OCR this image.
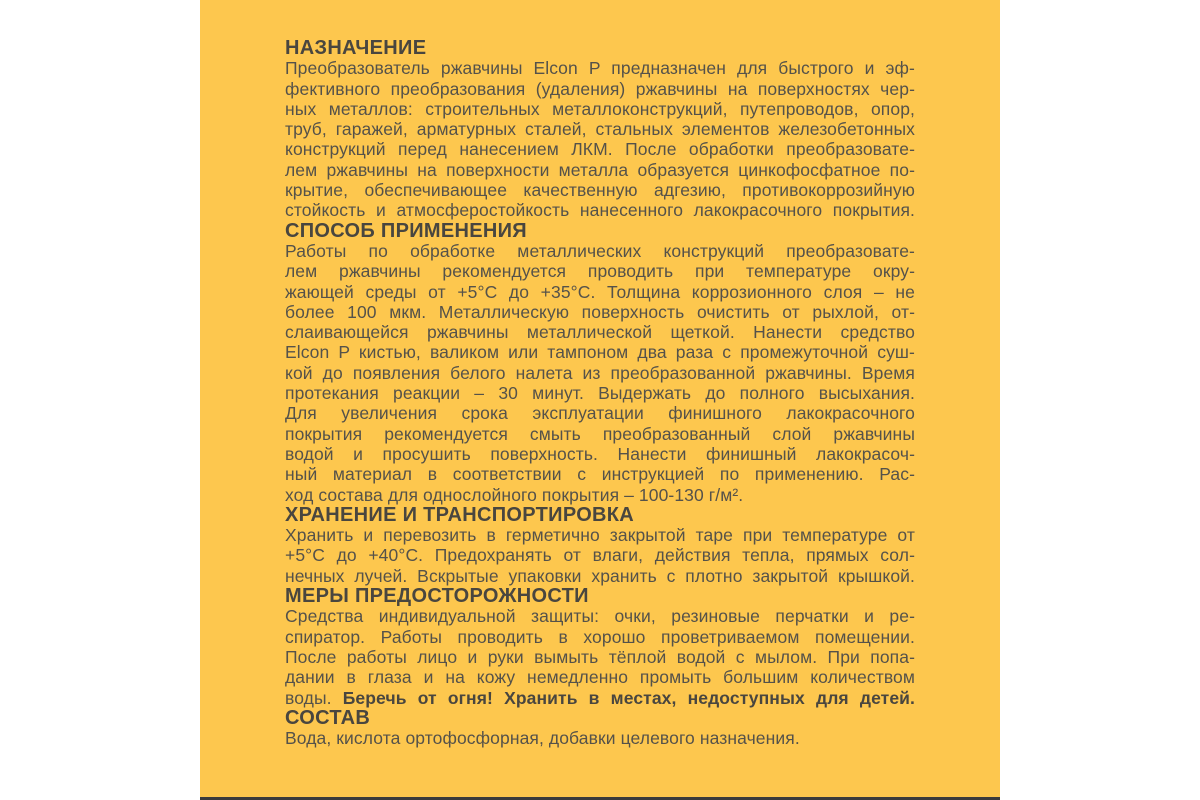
НАЗНАЧЕНИЕ
Преобразователь ржавчины Elcon P предназначен для быстрого и эф-
фективного преобразования (удаления) ржавчины на поверхностях чер-
ных металлов: строительных металлоконструкций, путепроводов, опор,
труб, гаражей, арматурных сталей, стальных элементов железобетонных
конструкций перед нанесением ЛКМ. После обработки преобразовате-
лем ржавчины на поверхности металла образуется цинкофосфатное по-
крытие, обеспечивающее качественную адгезию, противокоррозийную
стойкость и атмосферостойкость нанесенного лакокрасочного покрытия.
СПОСОБ ПРИМЕНЕНИЯ
Работы по обработке металлических конструкций преобразовате-
лем ржавчины рекомендуется проводить при температуре окру-
жающей среды от +5°С до +35°С. Толщина коррозионного слоя – не
более 100 мкм. Металлическую поверхность очистить от рыхлой, от-
слаивающейся ржавчины металлической щеткой. Нанести средство
Elcon P кистью, валиком или тампоном два раза с промежуточной суш-
кой до появления белого налета из преобразованной ржавчины. Время
протекания реакции – 30 минут. Выдержать до полного высыхания.
Для увеличения срока эксплуатации финишного лакокрасочного
покрытия рекомендуется смыть преобразованный слой ржавчины
водой и просушить поверхность. Нанести финишный лакокрасоч-
ный материал в соответствии с инструкцией по применению. Рас-
ход состава для однослойного покрытия – 100-130 г/м².
ХРАНЕНИЕ И ТРАНСПОРТИРОВКА
Хранить и перевозить в герметично закрытой таре при температуре от
+5°С до +40°С. Предохранять от влаги, действия тепла, прямых сол-
нечных лучей. Вскрытые упаковки хранить с плотно закрытой крышкой.
МЕРЫ ПРЕДОСТОРОЖНОСТИ
Средства индивидуальной защиты: очки, резиновые перчатки и ре-
спиратор. Работы проводить в хорошо проветриваемом помещении.
После работы лицо и руки вымыть тёплой водой с мылом. При попа-
дании в глаза и на кожу немедленно промыть большим количеством
воды. Беречь от огня! Хранить в местах, недоступных для детей.
СОСТАВ
Вода, кислота ортофосфорная, добавки целевого назначения.
